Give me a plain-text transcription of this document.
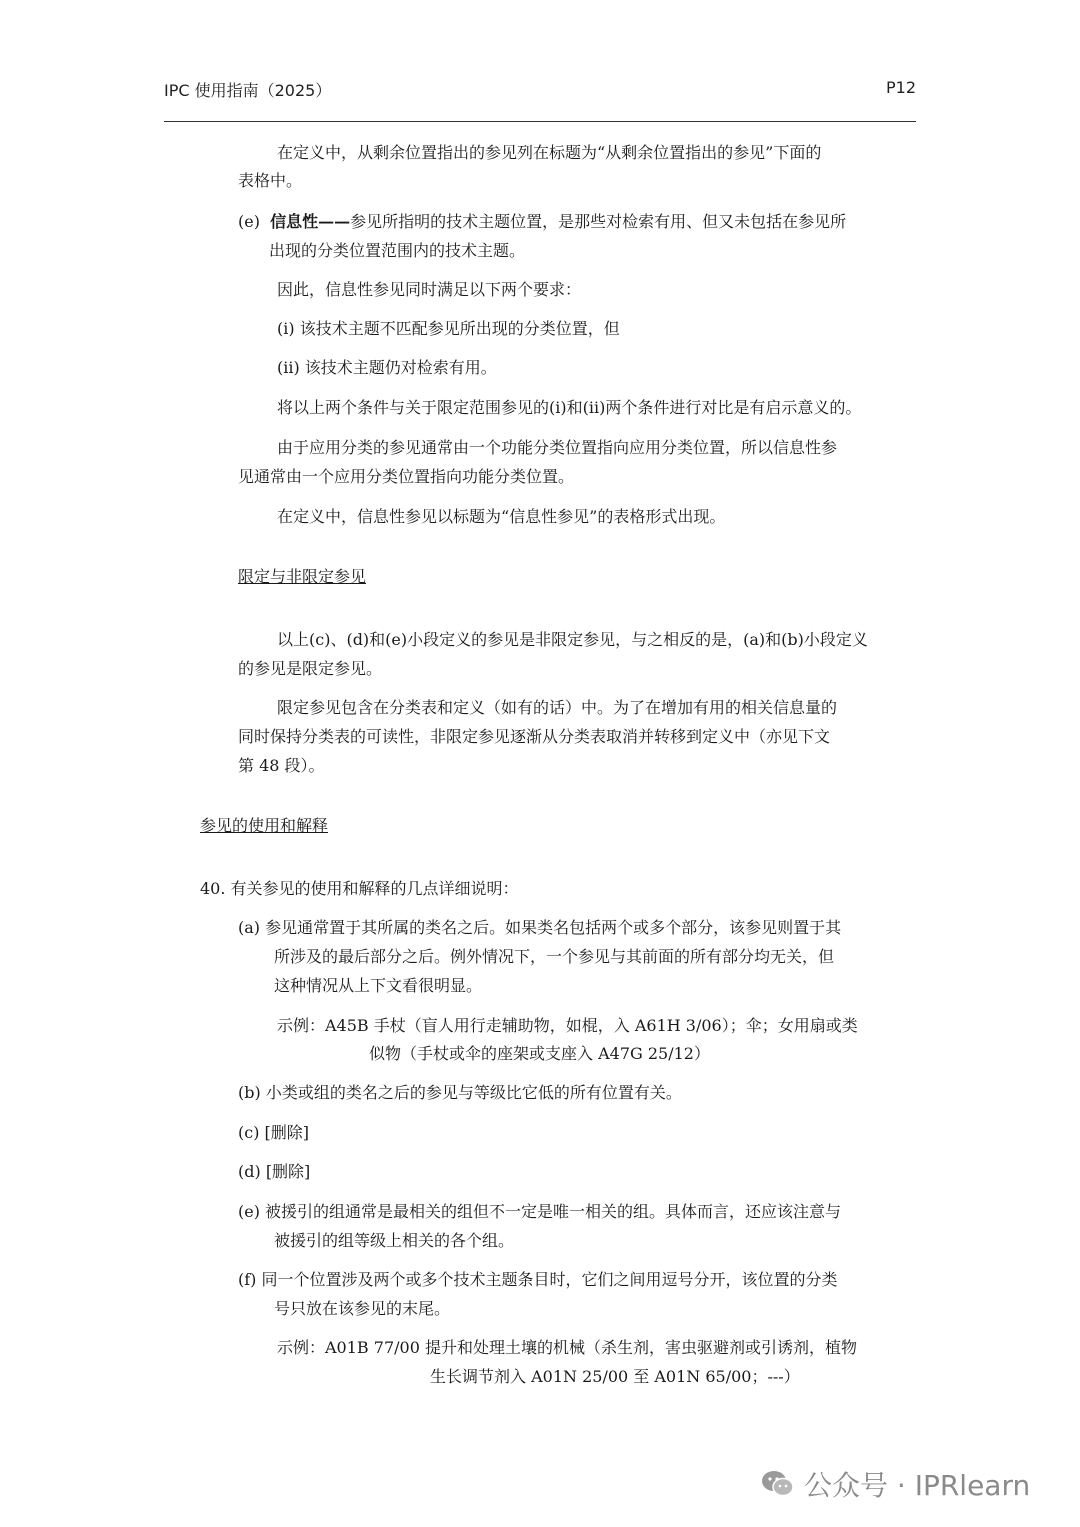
IPC 使用指南（2025）	P12

在定义中，从剩余位置指出的参见列在标题为“从剩余位置指出的参见”下面的

表格中。

(e) 信息性——参见所指明的技术主题位置，是那些对检索有用、但又未包括在参见所

出现的分类位置范围内的技术主题。

因此，信息性参见同时满足以下两个要求：

(i) 该技术主题不匹配参见所出现的分类位置，但

(ii) 该技术主题仍对检索有用。

将以上两个条件与关于限定范围参见的(i)和(ii)两个条件进行对比是有启示意义的。

由于应用分类的参见通常由一个功能分类位置指向应用分类位置，所以信息性参

见通常由一个应用分类位置指向功能分类位置。

在定义中，信息性参见以标题为“信息性参见”的表格形式出现。

限定与非限定参见

以上(c)、(d)和(e)小段定义的参见是非限定参见，与之相反的是，(a)和(b)小段定义

的参见是限定参见。

限定参见包含在分类表和定义（如有的话）中。为了在增加有用的相关信息量的

同时保持分类表的可读性，非限定参见逐渐从分类表取消并转移到定义中（亦见下文

第 48 段）。

参见的使用和解释

40. 有关参见的使用和解释的几点详细说明：

(a) 参见通常置于其所属的类名之后。如果类名包括两个或多个部分，该参见则置于其

所涉及的最后部分之后。例外情况下，一个参见与其前面的所有部分均无关，但

这种情况从上下文看很明显。

示例：A45B 手杖（盲人用行走辅助物，如棍，入 A61H 3/06）；伞；女用扇或类

似物（手杖或伞的座架或支座入 A47G 25/12）

(b) 小类或组的类名之后的参见与等级比它低的所有位置有关。

(c) [删除]

(d) [删除]

(e) 被援引的组通常是最相关的组但不一定是唯一相关的组。具体而言，还应该注意与

被援引的组等级上相关的各个组。

(f) 同一个位置涉及两个或多个技术主题条目时，它们之间用逗号分开，该位置的分类

号只放在该参见的末尾。

示例：A01B 77/00 提升和处理土壤的机械（杀生剂，害虫驱避剂或引诱剂，植物

生长调节剂入 A01N 25/00 至 A01N 65/00；---）

公众号 · IPRlearn
